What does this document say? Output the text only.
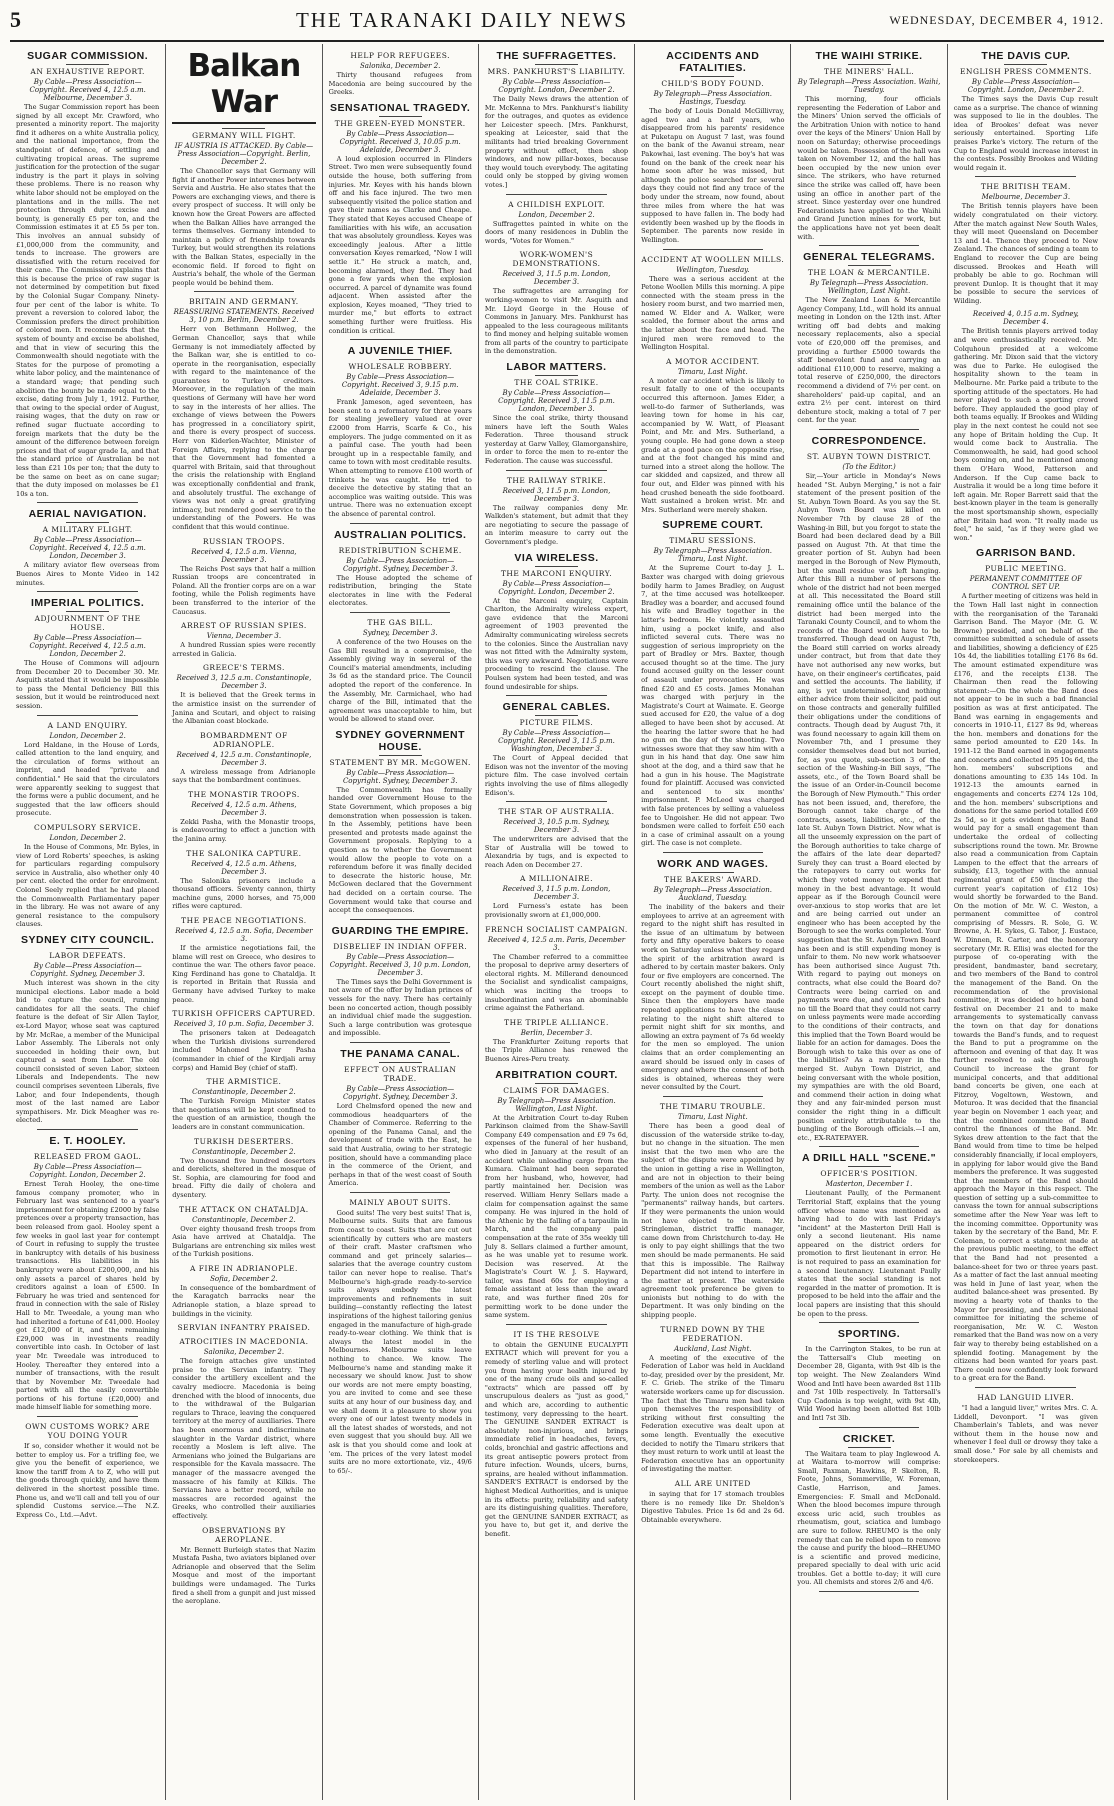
5	THE TARANAKI DAILY NEWS	WEDNESDAY, DECEMBER 4, 1912.
SUGAR COMMISSION.
AN EXHAUSTIVE REPORT.

By Cable—Press Association—Copyright. Received 4, 12.5 a.m. Melbourne, December 3.

The Sugar Commission report has been signed by all except Mr. Crawford, who presented a minority report. The majority find it adheres on a white Australia policy, and the national importance, from the standpoint of defence, of settling and cultivating tropical areas. The supreme justification for the protection of the sugar industry is the part it plays in solving these problems. There is no reason why white labor should not be employed on the plantations and in the mills. The net protection through duty, excise and bounty, is generally £5 per ton, and the Commission estimates it at £5 5s per ton. This involves an annual subsidy of £1,000,000 from the community, and tends to increase. The growers are dissatisfied with the return received for their cane. The Commission explains that this is because the price of raw sugar is not determined by competition but fixed by the Colonial Sugar Company. Ninety-four per cent of the labor is white. To prevent a reversion to colored labor, the Commission prefers the direct prohibition of colored men. It recommends that the system of bounty and excise be abolished, and that in view of securing this the Commonwealth should negotiate with the States for the purpose of promoting a white labor policy, and the maintenance of a standard wage; that pending such abolition the bounty be made equal to the excise, dating from July 1, 1912. Further, that owing to the special order of August, raising wages, that the duty on raw or refined sugar fluctuate according to foreign markets that the duty be the amount of the difference between foreign prices and that of sugar grade Ia, and that the standard price of Australian be not less than £21 10s per ton; that the duty to be the same on beet as on cane sugar; that the duty imposed on molasses be £1 10s a ton.

AERIAL NAVIGATION.
A MILITARY FLIGHT.

By Cable—Press Association—Copyright. Received 4, 12.5 a.m. London, December 3.

A military aviator flew overseas from Buenos Aires to Monte Video in 142 minutes.

IMPERIAL POLITICS.
ADJOURNMENT OF THE HOUSE.

By Cable—Press Association—Copyright. Received 4, 12.5 a.m. London, December 2.

The House of Commons will adjourn from December 20 to December 30. Mr. Asquith stated that it would be impossible to pass the Mental Deficiency Bill this session, but it would be reintroduced next session.

A LAND ENQUIRY.

London, December 2.

Lord Haldane, in the House of Lords, called attention to the land enquiry, and the circulation of forms without an imprint, and headed "private and confidential." He said that the circulators were apparently seeking to suggest that the forms were a public document, and he suggested that the law officers should prosecute.

COMPULSORY SERVICE.

London, December 2.

In the House of Commons, Mr. Byles, in view of Lord Roberts' speeches, is asking for particulars regarding compulsory service in Australia, also whether only 40 per cent. elected the order for enrolment. Colonel Seely replied that he had placed the Commonwealth Parliamentary paper in the library. He was not aware of any general resistance to the compulsory clauses.

SYDNEY CITY COUNCIL.
LABOR DEFEATS.

By Cable—Press Association—Copyright. Sydney, December 3.

Much interest was shown in the city municipal elections. Labor made a bold bid to capture the council, running candidates for all the seats. The chief feature is the defeat of Sir Allen Taylor, ex-Lord Mayor, whose seat was captured by Mr. McRae, a member of the Municipal Labor Assembly. The Liberals not only succeeded in holding their own, but captured a seat from Labor. The old council consisted of seven Labor, sixteen Liberals and Independents. The new council comprises seventeen Liberals, five Labor, and four Independents, though most of the last named are Labor sympathisers. Mr. Dick Meagher was re-elected.

E. T. HOOLEY.
RELEASED FROM GAOL.

By Cable—Press Association—Copyright. London, December 2.

Ernest Terah Hooley, the one-time famous company promoter, who in February last was sentenced to a year's imprisonment for obtaining £2000 by false pretences over a property transaction, has been released from gaol. Hooley spent a few weeks in gaol last year for contempt of Court in refusing to supply the trustee in bankruptcy with details of his business transactions. His liabilities in his bankruptcy were about £200,000, and his only assets a parcel of shares held by creditors against a loan of £500. In February he was tried and sentenced for fraud in connection with the sale of Risley Hall to Mr. Tweedale, a young man who had inherited a fortune of £41,000. Hooley got £12,000 of it, and the remaining £29,000 was in investments readily convertible into cash. In October of last year Mr. Tweedale was introduced to Hooley. Thereafter they entered into a number of transactions, with the result that by November Mr. Tweedale had parted with all the easily convertible portions of his fortune (£20,000) and made himself liable for something more.

OWN CUSTOMS WORK? ARE YOU DOING YOUR

If so, consider whether it would not be better to employ us. For a trifling fee, we give you the benefit of experience, we know the tariff from A to Z, who will put the goods through quickly, and have them delivered in the shortest possible time. Phone us, and we'll call and tell you of our splendid Customs service.—The N.Z. Express Co., Ltd.—Advt.

Balkan War
GERMANY WILL FIGHT.

IF AUSTRIA IS ATTACKED. By Cable—Press Association—Copyright. Berlin, December 2.

The Chancellor says that Germany will fight if another Power intervenes between Servia and Austria. He also states that the Powers are exchanging views, and there is every prospect of success. It will only be known how the Great Powers are affected when the Balkan Allies have arranged the terms themselves. Germany intended to maintain a policy of friendship towards Turkey, but would strengthen its relations with the Balkan States, especially in the economic field. If forced to fight on Austria's behalf, the whole of the German people would be behind them.

BRITAIN AND GERMANY.

REASSURING STATEMENTS. Received 3, 10 p.m. Berlin, December 2.

Herr von Bethmann Hollweg, the German Chancellor, says that while Germany is not immediately affected by the Balkan war, she is entitled to co-operate in the reorganisation, especially with regard to the maintenance of the guarantees to Turkey's creditors. Moreover, in the regulation of the main questions of Germany will have her word to say in the interests of her allies. The exchange of views between the Powers has progressed in a conciliatory spirit, and there is every prospect of success. Herr von Kiderlen-Wachter, Minister of Foreign Affairs, replying to the charge that the Government had fomented a quarrel with Britain, said that throughout the crisis the relationship with England was exceptionally confidential and frank, and absolutely trustful. The exchange of views was not only a great gratifying intimacy, but rendered good service to the understanding of the Powers. He was confident that this would continue.

RUSSIAN TROOPS.

Received 4, 12.5 a.m. Vienna, December 3.

The Reichs Post says that half a million Russian troops are concentrated in Poland. All the frontier corps are on a war footing, while the Polish regiments have been transferred to the interior of the Caucasus.

ARREST OF RUSSIAN SPIES.

Vienna, December 3.

A hundred Russian spies were recently arrested in Galicia.

GREECE'S TERMS.

Received 3, 12.5 a.m. Constantinople, December 3.

It is believed that the Greek terms in the armistice insist on the surrender of Janina and Scutari, and object to raising the Albanian coast blockade.

BOMBARDMENT OF ADRIANOPLE.

Received 4, 12.5 a.m. Constantinople, December 3.

A wireless message from Adrianople says that the bombardment continues.

THE MONASTIR TROOPS.

Received 4, 12.5 a.m. Athens, December 3.

Zekki Pasha, with the Monastir troops, is endeavouring to effect a junction with the Janina army.

THE SALONIKA CAPTURE.

Received 4, 12.5 a.m. Athens, December 3.

The Salonika prisoners include a thousand officers. Seventy cannon, thirty machine guns, 2000 horses, and 75,000 rifles were captured.

THE PEACE NEGOTIATIONS.

Received 4, 12.5 a.m. Sofia, December 3.

If the armistice negotiations fail, the blame will rest on Greece, who desires to continue the war. The others favor peace. King Ferdinand has gone to Chataldja. It is reported in Britain that Russia and Germany have advised Turkey to make peace.

TURKISH OFFICERS CAPTURED.

Received 3, 10 p.m. Sofia, December 3.

The prisoners taken at Dedeagatch when the Turkish divisions surrendered included Mahomed Javer Pasha (commander in chief of the Kirdjali army corps) and Hamid Bey (chief of staff).

THE ARMISTICE.

Constantinople, December 2.

The Turkish Foreign Minister states that negotiations will be kept confined to the question of an armistice, though the leaders are in constant communication.

TURKISH DESERTERS.

Constantinople, December 2.

Two thousand five hundred deserters and derelicts, sheltered in the mosque of St. Sophia, are clamouring for food and bread. Fifty die daily of cholera and dysentery.

THE ATTACK ON CHATALDJA.

Constantinople, December 2.

Over eighty thousand fresh troops from Asia have arrived at Chataldja. The Bulgarians are entrenching six miles west of the Turkish positions.

A FIRE IN ADRIANOPLE.

Sofia, December 2.

In consequence of the bombardment of the Karagatch barracks near the Adrianople station, a blaze spread to buildings in the vicinity.

SERVIAN INFANTRY PRAISED.
ATROCITIES IN MACEDONIA.

Salonika, December 2.

The foreign attaches give unstinted praise to the Servian infantry. They consider the artillery excellent and the cavalry mediocre. Macedonia is being drenched with the blood of innocents, due to the withdrawal of the Bulgarian regulars to Thrace, leaving the conquered territory at the mercy of auxiliaries. There has been enormous and indiscriminate slaughter in the Vardar district, where recently a Moslem is left alive. The Armenians who joined the Bulgarians are responsible for the Kavala massacre. The manager of the massacre avenged the massacre of his family at Kilkis. The Servians have a better record, while no massacres are recorded against the Greeks, who controlled their auxiliaries effectively.

OBSERVATIONS BY AEROPLANE.

Mr. Bennett Burleigh states that Nazim Mustafa Pasha, two aviators biplaned over Adrianople and observed that the Selim Mosque and most of the important buildings were undamaged. The Turks fired a shell from a gunpit and just missed the aeroplane.

HELP FOR REFUGEES.

Salonika, December 2.

Thirty thousand refugees from Macedonia are being succoured by the Greeks.

SENSATIONAL TRAGEDY.
THE GREEN-EYED MONSTER.

By Cable—Press Association—Copyright. Received 3, 10.05 p.m. Adelaide, December 3.

A loud explosion occurred in Flinders Street. Two men were subsequently found outside the house, both suffering from injuries. Mr. Keyes with his hands blown off and his face injured. The two men subsequently visited the police station and gave their names as Clarke and Cheape. They stated that Keyes accused Cheape of familiarities with his wife, an accusation that was absolutely groundless. Keyes was exceedingly jealous. After a little conversation Keyes remarked, "Now I will settle it." He struck a match, and, becoming alarmed, they fled. They had gone a few yards when the explosion occurred. A parcel of dynamite was found adjacent. When assisted after the explosion, Keyes moaned, "They tried to murder me," but efforts to extract something further were fruitless. His condition is critical.

A JUVENILE THIEF.
WHOLESALE ROBBERY.

By Cable—Press Association—Copyright. Received 3, 9.15 p.m. Adelaide, December 3.

Frank Jameson, aged seventeen, has been sent to a reformatory for three years for stealing jewellery valued at over £2000 from Harris, Scarfe & Co., his employers. The judge commented on it as a painful case. The youth had been brought up in a respectable family, and came to town with most creditable results. When attempting to remove £100 worth of trinkets he was caught. He tried to deceive the detective by stating that an accomplice was waiting outside. This was untrue. There was no extenuation except the absence of parental control.

AUSTRALIAN POLITICS.
REDISTRIBUTION SCHEME.

By Cable—Press Association—Copyright. Sydney, December 3.

The House adopted the scheme of redistribution, bringing the State electorates in line with the Federal electorates.

THE GAS BILL.

Sydney, December 3.

A conference of the two Houses on the Gas Bill resulted in a compromise, the Assembly giving way in several of the Council's material amendments, including 3s 6d as the standard price. The Council adopted the report of the conference. In the Assembly, Mr. Carmichael, who had charge of the Bill, intimated that the agreement was unacceptable to him, but would be allowed to stand over.

SYDNEY GOVERNMENT HOUSE.
STATEMENT BY MR. McGOWEN.

By Cable—Press Association—Copyright. Sydney, December 3.

The Commonwealth has formally handed over Government House to the State Government, which proposes a big demonstration when possession is taken. In the Assembly, petitions have been presented and protests made against the Government proposals. Replying to a question as to whether the Government would allow the people to vote on a referendum before it was finally decided to desecrate the historic house, Mr. McGowen declared that the Government had decided on a certain course. The Government would take that course and accept the consequences.

GUARDING THE EMPIRE.
DISBELIEF IN INDIAN OFFER.

By Cable—Press Association—Copyright. Received 3, 10 p.m. London, December 3.

The Times says the Delhi Government is not aware of the offer by Indian princes of vessels for the navy. There has certainly been no concerted action, though possibly an individual chief made the suggestion. Such a large contribution was grotesque and impossible.

THE PANAMA CANAL.
EFFECT ON AUSTRALIAN TRADE.

By Cable—Press Association—Copyright. Sydney, December 3.

Lord Chelmsford opened the new and commodious headquarters of the Chamber of Commerce. Referring to the opening of the Panama Canal, and the development of trade with the East, he said that Australia, owing to her strategic position, should have a commanding place in the commerce of the Orient, and perhaps in that of the west coast of South America.

MAINLY ABOUT SUITS.

Good suits! The very best suits! That is, Melbourne suits. Suits that are famous from coast to coast. Suits that are cut out scientifically by cutters who are masters of their craft. Master craftsmen who command and get princely salaries—salaries that the average country custom tailor can never hope to realise. That's Melbourne's high-grade ready-to-service suits always embody the latest improvements and refinements in suit building—constantly reflecting the latest inspirations of the highest tailoring genius engaged in the manufacture of high-grade ready-to-wear clothing. We think that is always the latest model in the Melbournes. Melbourne suits leave nothing to chance. We know. The Melbourne's name and standing make it necessary we should know. Just to show our words are not mere empty boasting, you are invited to come and see these suits at any hour of our business day, and we shall deem it a pleasure to show you every one of our latest twenty models in all the latest shades of worsteds, and not even suggest that you should buy. All we ask is that you should come and look at 'em. The prices of the very latest model suits are no more extortionate, viz., 49/6 to 65/-.

THE SUFFRAGETTES.
MRS. PANKHURST'S LIABILITY.

By Cable—Press Association—Copyright. London, December 2.

The Daily News draws the attention of Mr. McKenna to Mrs. Pankhurst's liability for the outrages, and quotes as evidence her Leicester speech. [Mrs. Pankhurst, speaking at Leicester, said that the militants had tried breaking Government property without effect, then shop windows, and now pillar-boxes, because they would touch everybody. The agitating could only be stopped by giving women votes.]

A CHILDISH EXPLOIT.

London, December 2.

Suffragettes painted in white on the doors of many residences in Dublin the words, "Votes for Women."

WORK-WOMEN'S DEMONSTRATIONS.

Received 3, 11.5 p.m. London, December 3.

The suffragettes are arranging for working-women to visit Mr. Asquith and Mr. Lloyd George in the House of Commons in January. Mrs. Pankhurst has appealed to the less courageous militants to find money and helping suitable women from all parts of the country to participate in the demonstration.

LABOR MATTERS.
THE COAL STRIKE.

By Cable—Press Association—Copyright. Received 3, 11.5 p.m. London, December 3.

Since the coal strike, thirty thousand miners have left the South Wales Federation. Three thousand struck yesterday at Garw Valley, Glamorganshire, in order to force the men to re-enter the Federation. The cause was successful.

THE RAILWAY STRIKE.

Received 3, 11.5 p.m. London, December 3.

The railway companies deny Mr. Walkden's statement, but admit that they are negotiating to secure the passage of an interim measure to carry out the Government's pledge.

VIA WIRELESS.
THE MARCONI ENQUIRY.

By Cable—Press Association—Copyright. London, December 2.

At the Marconi enquiry, Captain Charlton, the Admiralty wireless expert, gave evidence that the Marconi agreement of 1903 prevented the Admiralty communicating wireless secrets to the colonies. Since the Australian navy was not fitted with the Admiralty system, this was very awkward. Negotiations were proceeding to rescind the clause. The Poulsen system had been tested, and was found undesirable for ships.

GENERAL CABLES.
PICTURE FILMS.

By Cable—Press Association—Copyright. Received 3, 11.5 p.m. Washington, December 3.

The Court of Appeal decided that Edison was not the inventor of the moving picture film. The case involved certain rights involving the use of films allegedly Edison's.

THE STAR OF AUSTRALIA.

Received 3, 10.5 p.m. Sydney, December 3.

The underwriters are advised that the Star of Australia will be towed to Alexandria by tugs, and is expected to reach Aden on December 27.

A MILLIONAIRE.

Received 3, 11.5 p.m. London, December 3.

Lord Furness's estate has been provisionally sworn at £1,000,000.

FRENCH SOCIALIST CAMPAIGN.

Received 4, 12.5 a.m. Paris, December 3.

The Chamber referred to a committee the proposal to deprive army deserters of electoral rights. M. Millerand denounced the Socialist and syndicalist campaigns, which was inciting the troops to insubordination and was an abominable crime against the Fatherland.

THE TRIPLE ALLIANCE.

Berlin, December 3.

The Frankfurter Zeitung reports that the Triple Alliance has renewed the Buenos Aires-Peru treaty.

ARBITRATION COURT.
CLAIMS FOR DAMAGES.

By Telegraph—Press Association. Wellington, Last Night.

At the Arbitration Court to-day Ruben Parkinson claimed from the Shaw-Savill Company £49 compensation and £9 7s 6d, expenses of the funeral of her husband, who died in January at the result of an accident while unloading cargo from the Kumara. Claimant had been separated from her husband, who, however, had partly maintained her. Decision was reserved. William Henry Sellars made a claim for compensation against the same company. He was injured in the hold of the Athenic by the falling of a tarpaulin in March, and the company paid compensation at the rate of 35s weekly till July 8. Sellars claimed a further amount, as he was unable yet to resume work. Decision was reserved. At the Magistrate's Court W. J. S. Hayward, tailor, was fined 60s for employing a female assistant at less than the award rate, and was further fined 20s for permitting work to be done under the same system.

IT IS THE RESOLVE

to obtain the GENUINE EUCALYPTI EXTRACT which will prevent for you a remedy of sterling value and will protect you from having your health injured by one of the many crude oils and so-called "extracts" which are passed off by unscrupulous dealers as "just as good," and which are, according to authentic testimony, very depressing to the heart. The GENUINE SANDER EXTRACT is absolutely non-injurious, and brings immediate relief in headaches, fevers, colds, bronchial and gastric affections and its great antiseptic powers protect from future infection. Wounds, ulcers, burns, sprains, are healed without inflammation. SANDER'S EXTRACT is endorsed by the highest Medical Authorities, and is unique in its effects: purity, reliability and safety are its distinguishing qualities. Therefore, get the GENUINE SANDER EXTRACT, as you have to, but get it, and derive the benefit.

ACCIDENTS AND FATALITIES.
CHILD'S BODY FOUND.

By Telegraph—Press Association. Hastings, Tuesday.

The body of Louis Donald McGillivray, aged two and a half years, who disappeared from his parents' residence at Puketapu on August 7 last, was found on the bank of the Awanui stream, near Pakowhai, last evening. The boy's hat was found on the bank of the creek near his home soon after he was missed, but although the police searched for several days they could not find any trace of the body under the stream, now found, about three miles from where the hat was supposed to have fallen in. The body had evidently been washed up by the floods in September. The parents now reside in Wellington.

ACCIDENT AT WOOLLEN MILLS.

Wellington, Tuesday.

There was a serious accident at the Petone Woollen Mills this morning. A pipe connected with the steam press in the hosiery room burst, and two married men, named W. Elder and A. Walker, were scalded, the former about the arms and the latter about the face and head. The injured men were removed to the Wellington Hospital.

A MOTOR ACCIDENT.

Timaru, Last Night.

A motor car accident which is likely to result fatally to one of the occupants occurred this afternoon. James Elder, a well-to-do farmer of Sutherlands, was leaving town for home in his car, accompanied by W. Watt, of Pleasant Point, and Mr. and Mrs. Sutherland, a young couple. He had gone down a steep grade at a good pace on the opposite rise, and at the foot changed his mind and turned into a street along the hollow. The car skidded and capsized, and threw all four out, and Elder was pinned with his head crushed beneath the side footboard. Watt sustained a broken wrist. Mr. and Mrs. Sutherland were merely shaken.

SUPREME COURT.
TIMARU SESSIONS.

By Telegraph—Press Association. Timaru, Last Night.

At the Supreme Court to-day J. L. Baxter was charged with doing grievous bodily harm to James Bradley, on August 7, at the time accused was hotelkeeper. Bradley was a boarder, and accused found his wife and Bradley together in the latter's bedroom. He violently assaulted him, using a pocket knife, and also inflicted several cuts. There was no suggestion of serious impropriety on the part of Bradley or Mrs. Baxter, though accused thought so at the time. The jury found accused guilty on the lesser count of assault under provocation. He was fined £20 and £5 costs. James Monahan was charged with perjury in the Magistrate's Court at Waimate. E. George sued accused for £20, the value of a dog alleged to have been shot by accused. At the hearing the latter swore that he had no gun on the day of the shooting. Two witnesses swore that they saw him with a gun in his hand that day. One saw him shoot at the dog, and a third saw that he had a gun in his house. The Magistrate found for plaintiff. Accused was convicted and sentenced to six months' imprisonment. P. McLeod was charged with false pretences by selling a valueless fee to Ungoisher. He did not appear. Two bondsmen were called to forfeit £50 each in a case of criminal assault on a young girl. The case is not complete.

WORK AND WAGES.
THE BAKERS' AWARD.

By Telegraph—Press Association. Auckland, Tuesday.

The inability of the bakers and their employees to arrive at an agreement with regard to the night shift has resulted in the issue of an ultimatum by between forty and fifty operative bakers to cease work on Saturday unless what they regard the spirit of the arbitration award is adhered to by certain master bakers. Only four or five employers are concerned. The Court recently abolished the night shift, except on the payment of double time. Since then the employers have made repeated applications to have the clause relating to the night shift altered to permit night shift for six months, and allowing an extra payment of 7s 6d weekly for the men so employed. The union claims that an order complementing an award should be issued only in cases of emergency and where the consent of both sides is obtained, whereas they were never consulted by the Court.

THE TIMARU TROUBLE.

Timaru, Last Night.

There has been a good deal of discussion of the waterside strike to-day, but no change in the situation. The men insist that the two men who are the subject of the dispute were appointed by the union in getting a rise in Wellington, and are not in objection to their being members of the union as well as the Labor Party. The union does not recognise the "permanents" railway hands, but carters. If they were permanents the union would not have objected to them. Mr. Stringleman, district traffic manager, came down from Christchurch to-day. He is only to pay eight shillings that the two men should be made permanents. He said that this is impossible. The Railway Department did not intend to interfere in the matter at present. The waterside agreement took preference be given to unionists but nothing to do with the Department. It was only binding on the shipping people.

TURNED DOWN BY THE FEDERATION.

Auckland, Last Night.

A meeting of the executive of the Federation of Labor was held in Auckland to-day, presided over by the president, Mr. F. C. Grieb. The strike of the Timaru waterside workers came up for discussion. The fact that the Timaru men had taken upon themselves the responsibility of striking without first consulting the Federation executive was dealt upon at some length. Eventually the executive decided to notify the Timaru strikers that they must return to work until at least the Federation executive has an opportunity of investigating the matter.

ALL ARE UNITED

in saying that for 17 stomach troubles there is no remedy like Dr. Sheldon's Digestive Tabules. Price 1s 6d and 2s 6d. Obtainable everywhere.

THE WAIHI STRIKE.
THE MINERS' HALL.

By Telegraph—Press Association. Waihi, Tuesday.

This morning, four officials representing the Federation of Labor and the Miners' Union served the officials of the Arbitration Union with notice to hand over the keys of the Miners' Union Hall by noon on Saturday; otherwise proceedings would be taken. Possession of the hall was taken on November 12, and the hall has been occupied by the new union ever since. The strikers, who have returned since the strike was called off, have been using an office in another part of the street. Since yesterday over one hundred Federationists have applied to the Waihi and Grand Junction mines for work, but the applications have not yet been dealt with.

GENERAL TELEGRAMS.
THE LOAN & MERCANTILE.

By Telegraph—Press Association. Wellington, Last Night.

The New Zealand Loan & Mercantile Agency Company, Ltd., will hold its annual meeting in London on the 12th inst. After writing off bad debts and making necessary replacements, also a special vote of £20,000 off the premises, and providing a further £5000 towards the staff benevolent fund and carrying an additional £110,000 to reserve, making a total reserve of £250,000, the directors recommend a dividend of 7½ per cent. on shareholders' paid-up capital, and an extra 2½ per cent. interest on third debenture stock, making a total of 7 per cent. for the year.

CORRESPONDENCE.
ST. AUBYN TOWN DISTRICT.

(To the Editor.)

Sir,—Your article in Monday's News headed "St. Aubyn Merging," is not a fair statement of the present position of the St. Aubyn Town Board. As you say the St. Aubyn Town Board was killed on November 7th by clause 28 of the Washing-in Bill, but you forgot to state the Board had been declared dead by a Bill passed on August 7th. At that time the greater portion of St. Aubyn had been merged in the Borough of New Plymouth, but the small residue was left hanging. After this Bill a number of persons the whole of the district had not been merged at all. This necessitated the Board still remaining office until the balance of the district had been merged into the Taranaki County Council, and to whom the records of the Board would have to be transferred. Though dead on August 7th, the Board still carried on works already under contract, but from that date they have not authorised any new works, but have, on their engineer's certificates, paid and settled the accounts. The liability, if any, is yet undetermined, and nothing either advice from their solicitor, paid out on those contracts and generally fulfilled their obligations under the conditions of contracts. Though dead by August 7th, it was found necessary to again kill them on November 7th, and I presume they consider themselves dead but not buried, for, as you quote, sub-section 3 of the section of the Washing-in Bill says, "The assets, etc., of the Town Board shall be the issue of an Order-in-Council become the Borough of New Plymouth." This order has not been issued, and, therefore, the Borough cannot take charge of the contracts, assets, liabilities, etc., of the late St. Aubyn Town District. Now what is all the unseemly expression on the part of the Borough authorities to take charge of the affairs of the late dear departed? Surely they can trust a Board elected by the ratepayers to carry out works for which they voted money to expend that money in the best advantage. It would appear as if the Borough Council were over-anxious to stop works that are let and are being carried out under an engineer who has been accepted by the Borough to see the works completed. Your suggestion that the St. Aubyn Town Board has been and is still expending money is unfair to them. No new work whatsoever has been authorised since August 7th. With regard to paying out moneys on contracts, what else could the Board do? Contracts were being carried on and payments were due, and contractors had no till the Board that they could not carry on unless payments were made according to the conditions of their contracts, and this implied that the Town Board would be liable for an action for damages. Does the Borough wish to take this over as one of the liabilities? As a ratepayer in the merged St. Aubyn Town District, and being conversant with the whole position, my sympathies are with the old Board, and commend their action in doing what they and any fair-minded person must consider the right thing in a difficult position entirely attributable to the bungling of the Borough officials.—I am, etc., EX-RATEPAYER.

A DRILL HALL "SCENE."
OFFICER'S POSITION.

Masterton, December 1.

Lieutenant Paully, of the Permanent Territorial Staff, explains that the young officer whose name was mentioned as having had to do with last Friday's "incident" at the Masterton Drill Hall is only a second lieutenant. His name appeared on the district orders for promotion to first lieutenant in error. He is not required to pass an examination for a second lieutenancy. Lieutenant Paully states that the social standing is not regarded in the matter of promotion. It is proposed to be held into the affair and the local papers are insisting that this should be open to the press.

SPORTING.

In the Carrington Stakes, to be run at the Tattersall's Club meeting on December 28, Giganta, with 9st 4lb is the top weight. The New Zealanders Wind Wood and Intl have been awarded 8st 11lb and 7st 10lb respectively. In Tattersall's Cup Cadonia is top weight, with 9st 4lb, Wild Wood having been allotted 8st 10lb and Intl 7st 3lb.

CRICKET.

The Waitara team to play Inglewood A. at Waitara to-morrow will comprise: Small, Paxman, Hawkins, P. Skelton, R. Foote, Johns, Sommerville, W. Foreman, Castle, Harrison, and James. Emergencies: F. Small and McDonald. When the blood becomes impure through excess uric acid, such troubles as rheumatism, gout, sciatica and lumbago are sure to follow. RHEUMO is the only remedy that can be relied upon to remove the cause and purify the blood—RHEUMO is a scientific and proved medicine, prepared specially to deal with uric acid troubles. Get a bottle to-day; it will cure you. All chemists and stores 2/6 and 4/6.

THE DAVIS CUP.
ENGLISH PRESS COMMENTS.

By Cable—Press Association—Copyright. London, December 2.

The Times says the Davis Cup result came as a surprise. The chance of winning was supposed to lie in the doubles. The idea of Brookes' defeat was never seriously entertained. Sporting Life praises Parke's victory. The return of the Cup to England would increase interest in the contests. Possibly Brookes and Wilding would regain it.

THE BRITISH TEAM.

Melbourne, December 3.

The British tennis players have been widely congratulated on their victory. After the match against New South Wales, they will meet Queensland on December 13 and 14. Thence they proceed to New Zealand. The chances of sending a team to England to recover the Cup are being discussed. Brookes and Heath will probably be able to go. Rochman will prevent Dunlop. It is thought that it may be possible to secure the services of Wilding.

Received 4, 0.15 a.m. Sydney, December 4.

The British tennis players arrived today and were enthusiastically received. Mr. Colquhoun presided at a welcome gathering. Mr. Dixon said that the victory was due to Parke. He eulogised the hospitality shown to the team in Melbourne. Mr. Parke paid a tribute to the sporting attitude of the spectators. He had never played to such a sporting crowd before. They applauded the good play of both teams equally. If Brookes and Wilding play in the next contest he could not see any hope of Britain holding the Cup. It would come back to Australia. The Commonwealth, he said, had good school boys coming on, and he mentioned among them O'Hara Wood, Patterson and Anderson. If the Cup came back to Australia it would be a long time before it left again. Mr. Roper Barrett said that the best-known player in the team is generally the most sportsmanship shown, especially after Britain had won. "It really made us feel," he said, "as if they were glad we won."

GARRISON BAND.
PUBLIC MEETING.

PERMANENT COMMITTEE OF CONTROL SET UP.

A further meeting of citizens was held in the Town Hall last night in connection with the reorganisation of the Taranaki Garrison Band. The Mayor (Mr. G. W. Browne) presided, and on behalf of the committee submitted a schedule of assets and liabilities, showing a deficiency of £25 10s 4d, the liabilities totalling £176 8s 6d. The amount estimated expenditure was £176, and the receipts £138. The Chairman then read the following statement:—On the whole the Band does not appear to be in such a bad financial position as was at first anticipated. The Band was earning in engagements and concerts in 1910-11, £127 8s 9d, whereas the hon. members and donations for the same period amounted to £20 14s. In 1911-12 the Band earned in engagements and concerts and collected £95 10s 6d, the hon. members' subscriptions and donations amounting to £35 14s 10d. In 1912-13 the amounts earned in engagements and concerts £274 12s 10d, and the hon. members' subscriptions and donations for the same period totalled £69 2s 5d, so it gets evident that the Band would pay for a small engagement than undertake the ordeal of collecting subscriptions round the town. Mr. Browne also read a communication from Captain Lampen to the effect that the arrears of subsidy, £13, together with the annual regimental grant of £50 (including the current year's capitation of £12 10s) would shortly be forwarded to the Band. On the motion of Mr. W. C. Weston, a permanent committee of control comprising of Messrs. R. Sole, G. W. Browne, A. H. Sykes, G. Tabor, J. Eustace, W. Dinnen, R. Carter, and the honorary secretary (Mr. R. Ellis) was elected for the purpose of co-operating with the president, bandmaster, band secretary, and two members of the Band to control the management of the Band. On the recommendation of the provisional committee, it was decided to hold a band festival on December 21 and to make arrangements to systematically canvass the town on that day for donations towards the Band's funds, and to request the Band to put a programme on the afternoon and evening of that day. It was further resolved to ask the Borough Council to increase the grant for municipal concerts, and that additional band concerts be given, one each at Fitzroy, Vogeltown, Westown, and Moturoa. It was decided that the financial year begin on November 1 each year, and that the combined committee of Band control the finances of the Band. Mr. Sykes drew attention to the fact that the Band would from time to time be helped considerably financially, if local employers, in applying for labor would give the Band members the preference. It was suggested that the members of the Band should approach the Mayor in this respect. The question of setting up a sub-committee to canvass the town for annual subscriptions sometime after the New Year was left to the incoming committee. Opportunity was taken by the secretary of the Band, Mr. F. Coleman, to correct a statement made at the previous public meeting, to the effect that the Band had not presented a balance-sheet for two or three years past. As a matter of fact the last annual meeting was held in June of last year, when the audited balance-sheet was presented. By moving a hearty vote of thanks to the Mayor for presiding, and the provisional committee for initiating the scheme of reorganisation, Mr. W. C. Weston remarked that the Band was now on a very fair way to thereby being established on a splendid footing. Management by the citizens had been wanted for years past. There could now confidently look forward to a great era for the Band.

HAD LANGUID LIVER.

"I had a languid liver," writes Mrs. C. A. Liddell, Devonport. "I was given Chamberlain's Tablets, and was never without them in the house now and whenever I feel dull or drowsy they take a small dose." For sale by all chemists and storekeepers.
